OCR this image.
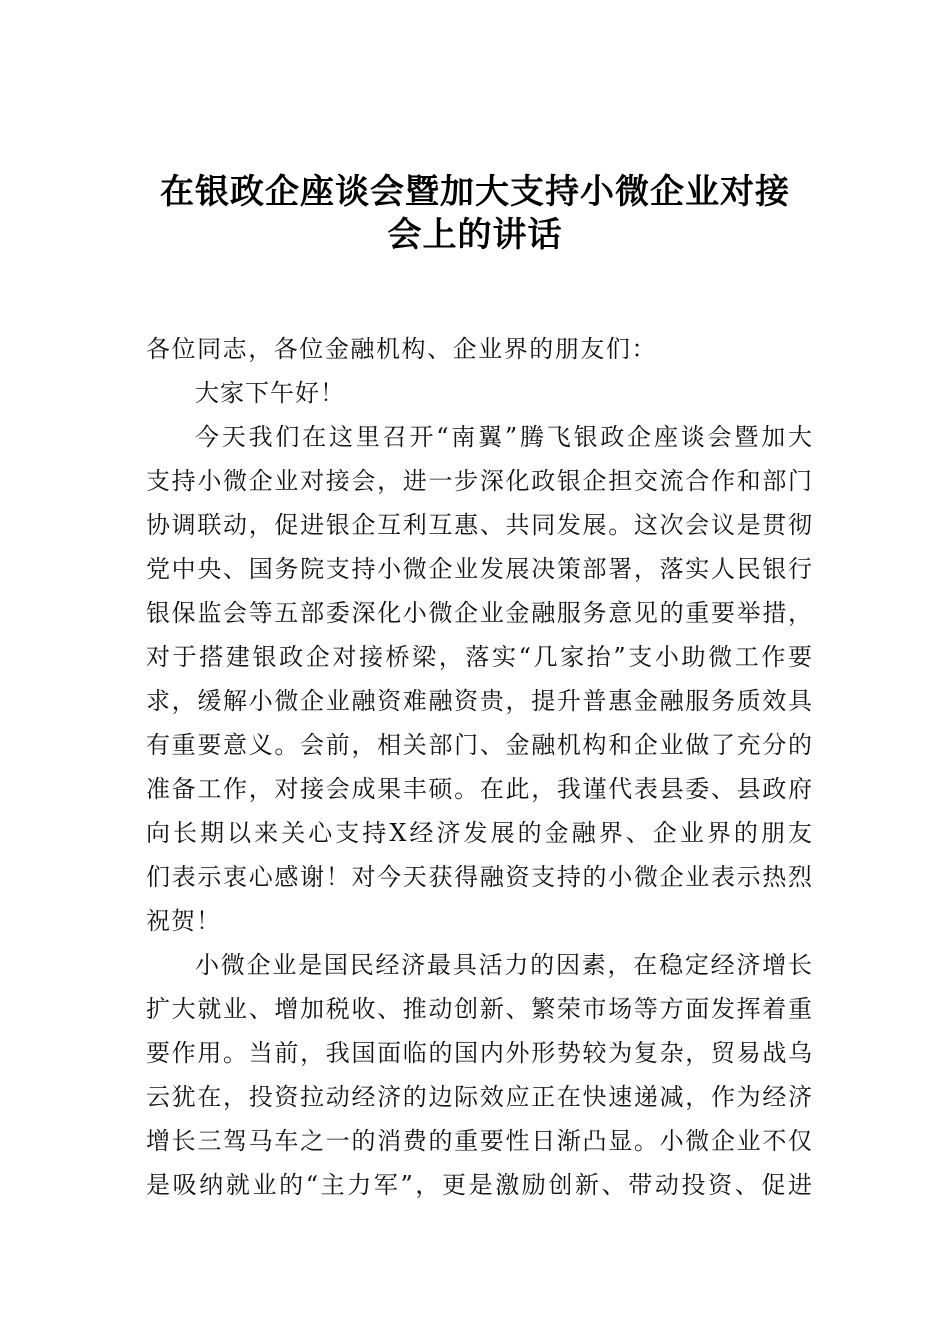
在银政企座谈会暨加大支持小微企业对接
会上的讲话
各位同志，各位金融机构、企业界的朋友们：
大家下午好！
今天我们在这里召开“南翼”腾飞银政企座谈会暨加大
支持小微企业对接会，进一步深化政银企担交流合作和部门
协调联动，促进银企互利互惠、共同发展。这次会议是贯彻
党中央、国务院支持小微企业发展决策部署，落实人民银行
银保监会等五部委深化小微企业金融服务意见的重要举措，
对于搭建银政企对接桥梁，落实“几家抬”支小助微工作要
求，缓解小微企业融资难融资贵，提升普惠金融服务质效具
有重要意义。会前，相关部门、金融机构和企业做了充分的
准备工作，对接会成果丰硕。在此，我谨代表县委、县政府
向长期以来关心支持X经济发展的金融界、企业界的朋友
们表示衷心感谢！对今天获得融资支持的小微企业表示热烈
祝贺！
小微企业是国民经济最具活力的因素，在稳定经济增长
扩大就业、增加税收、推动创新、繁荣市场等方面发挥着重
要作用。当前，我国面临的国内外形势较为复杂，贸易战乌
云犹在，投资拉动经济的边际效应正在快速递减，作为经济
增长三驾马车之一的消费的重要性日渐凸显。小微企业不仅
是吸纳就业的“主力军”，更是激励创新、带动投资、促进
